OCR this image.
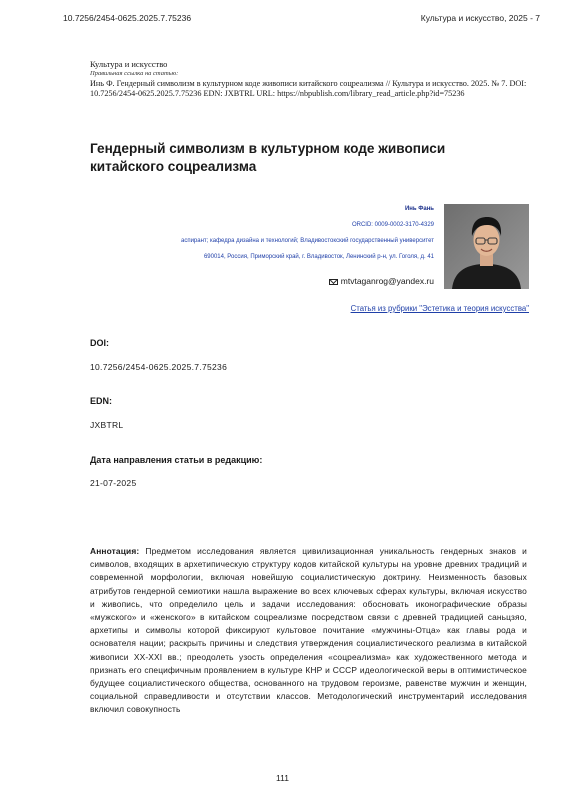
10.7256/2454-0625.2025.7.75236	Культура и искусство, 2025 - 7
Культура и искусство
Правильная ссылка на статью:
Инь Ф. Гендерный символизм в культурном коде живописи китайского соцреализма // Культура и искусство. 2025. № 7. DOI: 10.7256/2454-0625.2025.7.75236 EDN: JXBTRL URL: https://nbpublish.com/library_read_article.php?id=75236
Гендерный символизм в культурном коде живописи китайского соцреализма
Инь Фань
ORCID: 0009-0002-3170-4329
аспирант; кафедра дизайна и технологий; Владивостокский государственный университет
690014, Россия, Приморский край, г. Владивосток, Ленинский р-н, ул. Гоголя, д. 41
mtvtaganrog@yandex.ru
Статья из рубрики "Эстетика и теория искусства"
DOI:
10.7256/2454-0625.2025.7.75236
EDN:
JXBTRL
Дата направления статьи в редакцию:
21-07-2025
Аннотация: Предметом исследования является цивилизационная уникальность гендерных знаков и символов, входящих в архетипическую структуру кодов китайской культуры на уровне древних традиций и современной морфологии, включая новейшую социалистическую доктрину. Неизменность базовых атрибутов гендерной семиотики нашла выражение во всех ключевых сферах культуры, включая искусство и живопись, что определило цель и задачи исследования: обосновать иконографические образы «мужского» и «женского» в китайском соцреализме посредством связи с древней традицией саньцзяо, архетипы и символы которой фиксируют культовое почитание «мужчины-Отца» как главы рода и основателя нации; раскрыть причины и следствия утверждения социалистического реализма в китайской живописи XX-XXI вв.; преодолеть узость определения «соцреализма» как художественного метода и признать его специфичным проявлением в культуре КНР и СССР идеологической веры в оптимистическое будущее социалистического общества, основанного на трудовом героизме, равенстве мужчин и женщин, социальной справедливости и отсутствии классов. Методологический инструментарий исследования включил совокупность
111
